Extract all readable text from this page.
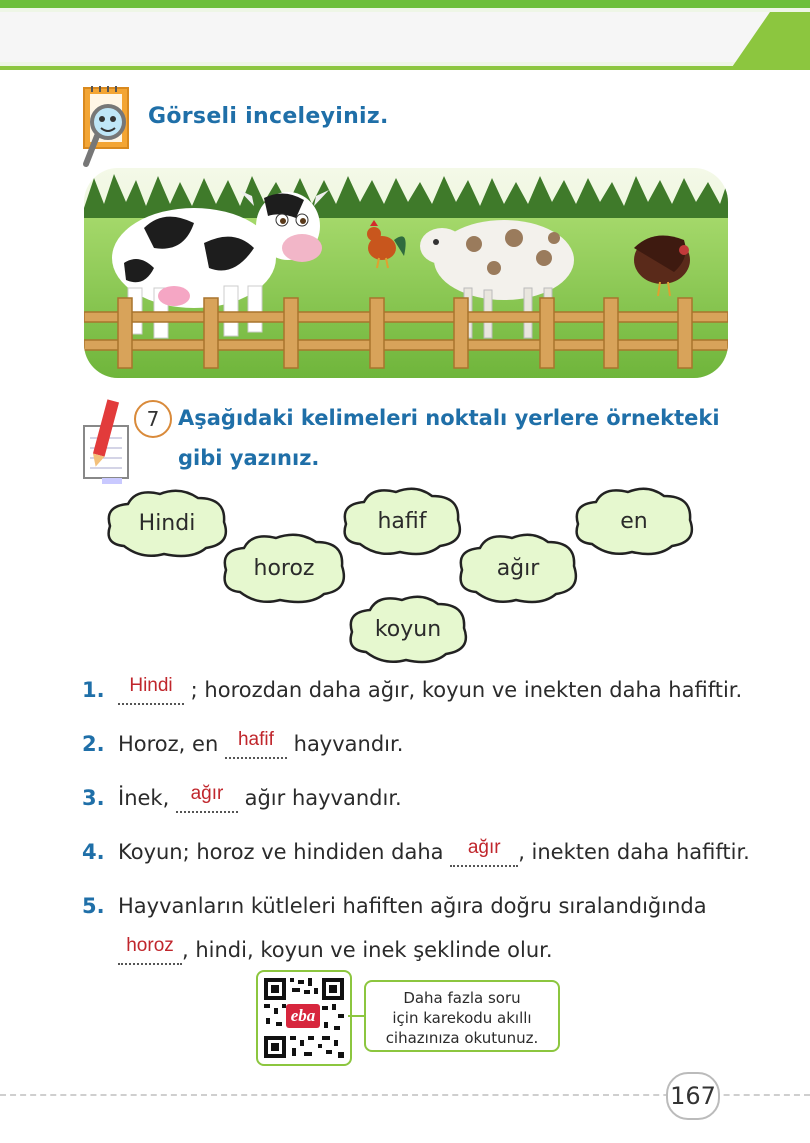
Görseli inceleyiniz.
7 Aşağıdaki kelimeleri noktalı yerlere örnekteki gibi yazınız.
Hindi
horoz
hafif
ağır
en
koyun
1. Hindi ; horozdan daha ağır, koyun ve inekten daha hafiftir.
2. Horoz, en hafif hayvandır.
3. İnek, ağır ağır hayvandır.
4. Koyun; horoz ve hindiden daha ağır , inekten daha hafiftir.
5. Hayvanların kütleleri hafiften ağıra doğru sıralandığında
horoz , hindi, koyun ve inek şeklinde olur.
eba
Daha fazla soru
için karekodu akıllı
cihazınıza okutunuz.
167
